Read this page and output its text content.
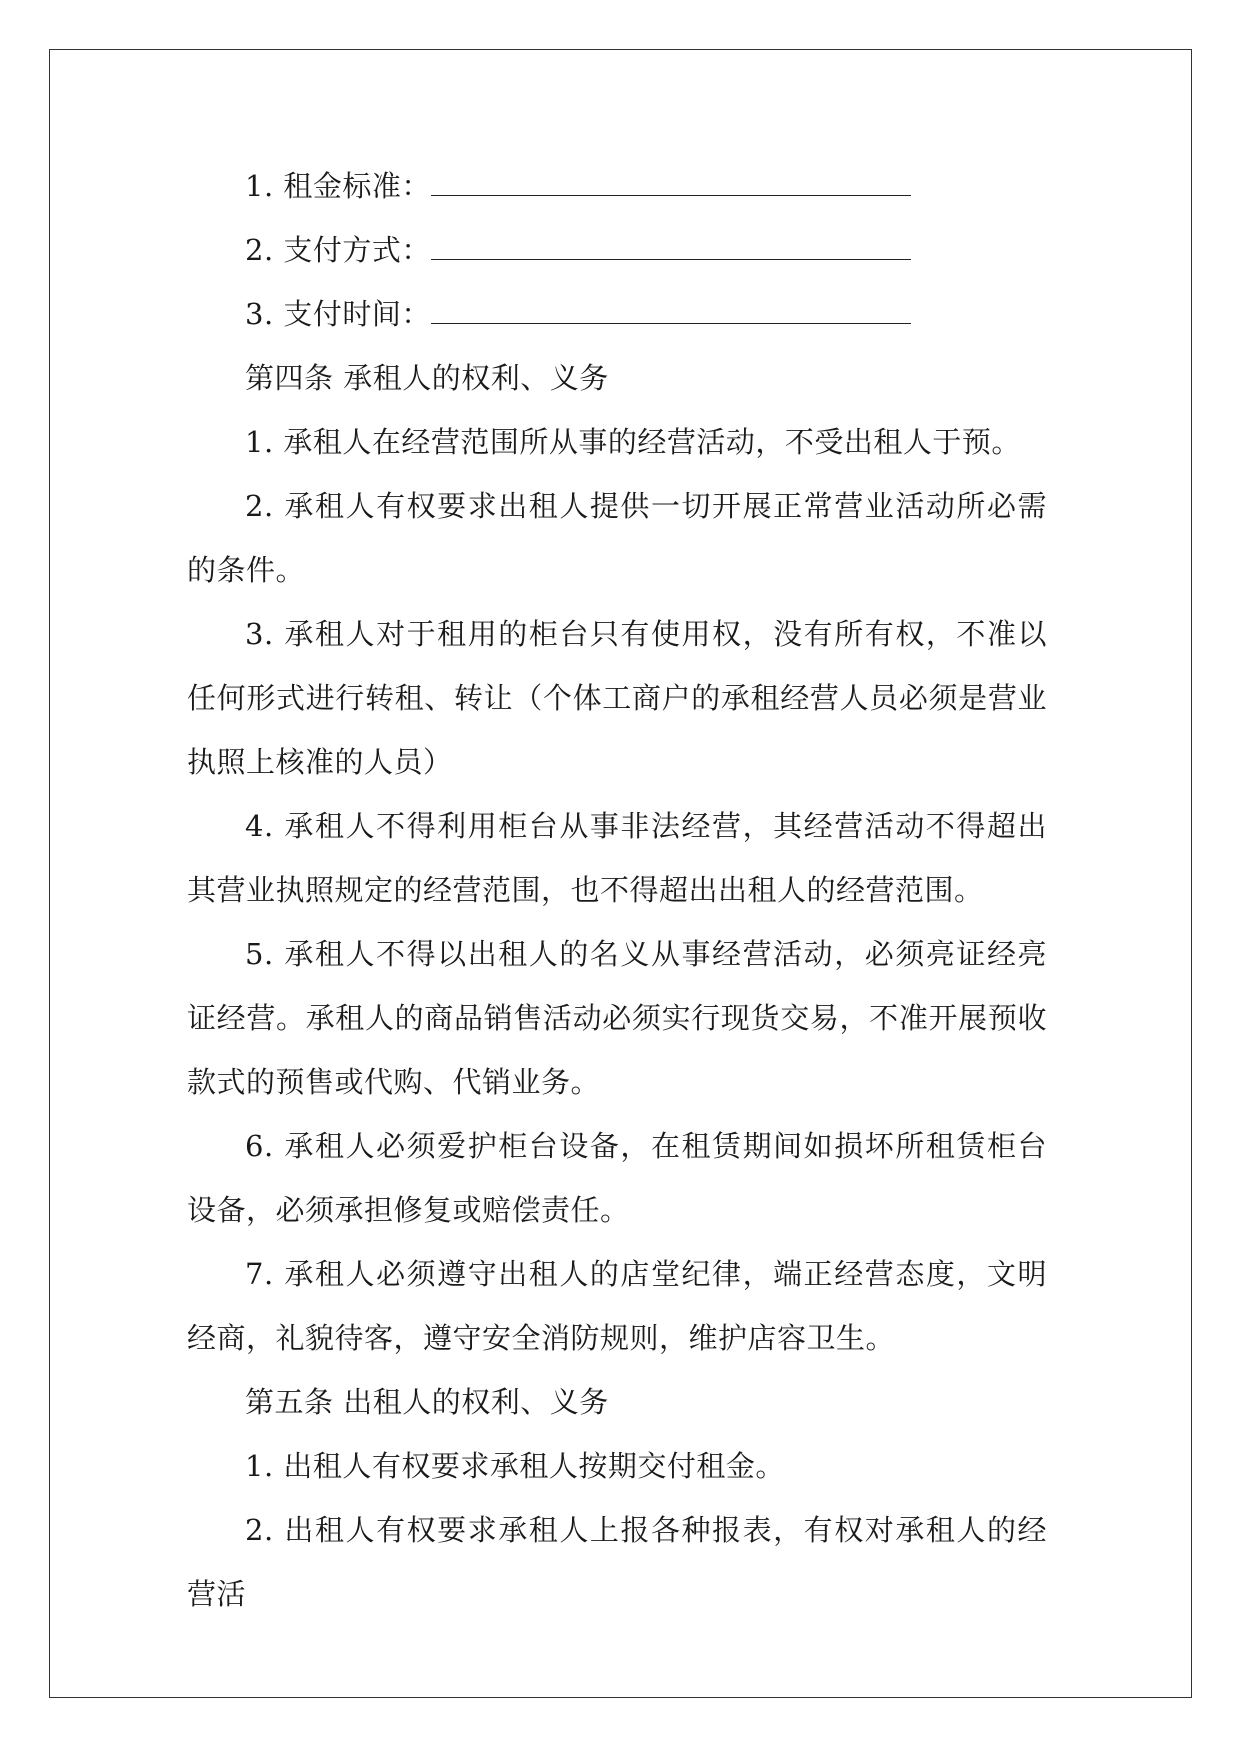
1. 租金标准：
2. 支付方式：
3. 支付时间：
第四条 承租人的权利、义务
1. 承租人在经营范围所从事的经营活动，不受出租人于预。
2. 承租人有权要求出租人提供一切开展正常营业活动所必需的条件。
3. 承租人对于租用的柜台只有使用权，没有所有权，不准以任何形式进行转租、转让（个体工商户的承租经营人员必须是营业执照上核准的人员）
4. 承租人不得利用柜台从事非法经营，其经营活动不得超出其营业执照规定的经营范围，也不得超出出租人的经营范围。
5. 承租人不得以出租人的名义从事经营活动，必须亮证经亮证经营。承租人的商品销售活动必须实行现货交易，不准开展预收款式的预售或代购、代销业务。
6. 承租人必须爱护柜台设备，在租赁期间如损坏所租赁柜台设备，必须承担修复或赔偿责任。
7. 承租人必须遵守出租人的店堂纪律，端正经营态度，文明经商，礼貌待客，遵守安全消防规则，维护店容卫生。
第五条 出租人的权利、义务
1. 出租人有权要求承租人按期交付租金。
2. 出租人有权要求承租人上报各种报表，有权对承租人的经营活
